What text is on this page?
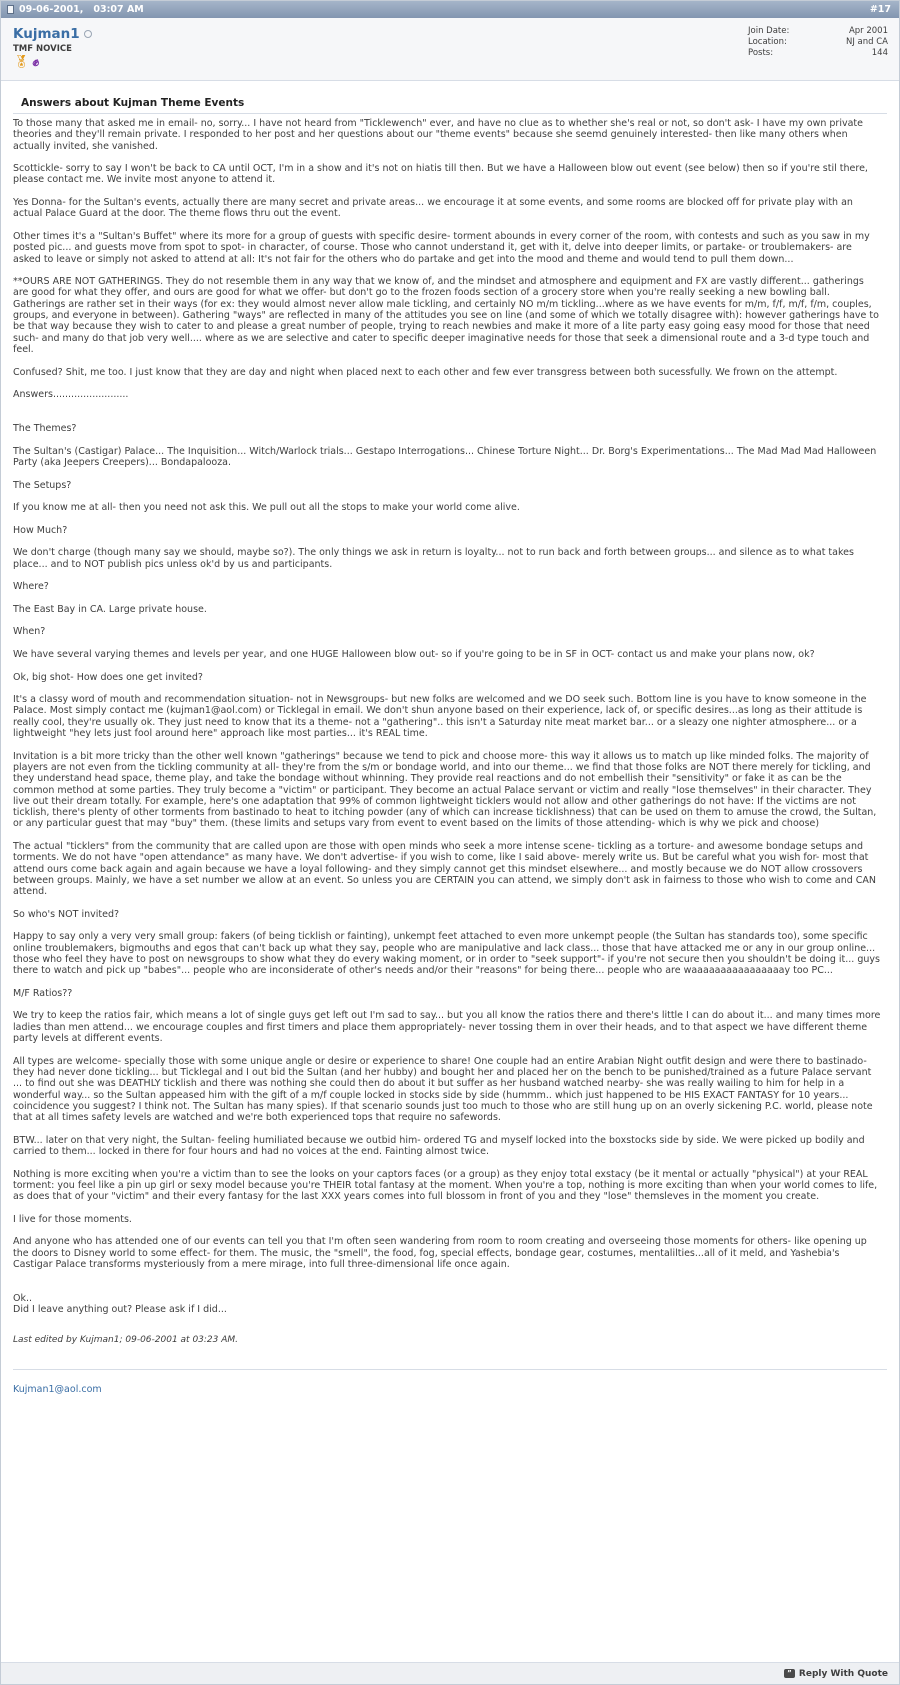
09-06-2001, 03:07 AM	#17
Kujman1
TMF NOVICE
🏅︎ ✊︎
Join Date:	Apr 2001
Location:	NJ and CA
Posts:	144
Answers about Kujman Theme Events

To those many that asked me in email- no, sorry... I have not heard from "Ticklewench" ever, and have no clue as to whether she's real or not, so don't ask- I have my own private theories and they'll remain private. I responded to her post and her questions about our "theme events" because she seemd genuinely interested- then like many others when actually invited, she vanished.

Scottickle- sorry to say I won't be back to CA until OCT, I'm in a show and it's not on hiatis till then. But we have a Halloween blow out event (see below) then so if you're stil there, please contact me. We invite most anyone to attend it.

Yes Donna- for the Sultan's events, actually there are many secret and private areas... we encourage it at some events, and some rooms are blocked off for private play with an actual Palace Guard at the door. The theme flows thru out the event.

Other times it's a "Sultan's Buffet" where its more for a group of guests with specific desire- torment abounds in every corner of the room, with contests and such as you saw in my posted pic... and guests move from spot to spot- in character, of course. Those who cannot understand it, get with it, delve into deeper limits, or partake- or troublemakers- are asked to leave or simply not asked to attend at all: It's not fair for the others who do partake and get into the mood and theme and would tend to pull them down...

**OURS ARE NOT GATHERINGS. They do not resemble them in any way that we know of, and the mindset and atmosphere and equipment and FX are vastly different... gatherings are good for what they offer, and ours are good for what we offer- but don't go to the frozen foods section of a grocery store when you're really seeking a new bowling ball. Gatherings are rather set in their ways (for ex: they would almost never allow male tickling, and certainly NO m/m tickling...where as we have events for m/m, f/f, m/f, f/m, couples, groups, and everyone in between). Gathering "ways" are reflected in many of the attitudes you see on line (and some of which we totally disagree with): however gatherings have to be that way because they wish to cater to and please a great number of people, trying to reach newbies and make it more of a lite party easy going easy mood for those that need such- and many do that job very well.... where as we are selective and cater to specific deeper imaginative needs for those that seek a dimensional route and a 3-d type touch and feel.

Confused? Shit, me too. I just know that they are day and night when placed next to each other and few ever transgress between both sucessfully. We frown on the attempt.

Answers.........................

The Themes?

The Sultan's (Castigar) Palace... The Inquisition... Witch/Warlock trials... Gestapo Interrogations... Chinese Torture Night... Dr. Borg's Experimentations... The Mad Mad Mad Halloween Party (aka Jeepers Creepers)... Bondapalooza.

The Setups?

If you know me at all- then you need not ask this. We pull out all the stops to make your world come alive.

How Much?

We don't charge (though many say we should, maybe so?). The only things we ask in return is loyalty... not to run back and forth between groups... and silence as to what takes place... and to NOT publish pics unless ok'd by us and participants.

Where?

The East Bay in CA. Large private house.

When?

We have several varying themes and levels per year, and one HUGE Halloween blow out- so if you're going to be in SF in OCT- contact us and make your plans now, ok?

Ok, big shot- How does one get invited?

It's a classy word of mouth and recommendation situation- not in Newsgroups- but new folks are welcomed and we DO seek such. Bottom line is you have to know someone in the Palace. Most simply contact me (kujman1@aol.com) or Ticklegal in email. We don't shun anyone based on their experience, lack of, or specific desires...as long as their attitude is really cool, they're usually ok. They just need to know that its a theme- not a "gathering".. this isn't a Saturday nite meat market bar... or a sleazy one nighter atmosphere... or a lightweight "hey lets just fool around here" approach like most parties... it's REAL time.

Invitation is a bit more tricky than the other well known "gatherings" because we tend to pick and choose more- this way it allows us to match up like minded folks. The majority of players are not even from the tickling community at all- they're from the s/m or bondage world, and into our theme... we find that those folks are NOT there merely for tickling, and they understand head space, theme play, and take the bondage without whinning. They provide real reactions and do not embellish their "sensitivity" or fake it as can be the common method at some parties. They truly become a "victim" or participant. They become an actual Palace servant or victim and really "lose themselves" in their character. They live out their dream totally. For example, here's one adaptation that 99% of common lightweight ticklers would not allow and other gatherings do not have: If the victims are not ticklish, there's plenty of other torments from bastinado to heat to itching powder (any of which can increase ticklishness) that can be used on them to amuse the crowd, the Sultan, or any particular guest that may "buy" them. (these limits and setups vary from event to event based on the limits of those attending- which is why we pick and choose)

The actual "ticklers" from the community that are called upon are those with open minds who seek a more intense scene- tickling as a torture- and awesome bondage setups and torments. We do not have "open attendance" as many have. We don't advertise- if you wish to come, like I said above- merely write us. But be careful what you wish for- most that attend ours come back again and again because we have a loyal following- and they simply cannot get this mindset elsewhere... and mostly because we do NOT allow crossovers between groups. Mainly, we have a set number we allow at an event. So unless you are CERTAIN you can attend, we simply don't ask in fairness to those who wish to come and CAN attend.

So who's NOT invited?

Happy to say only a very very small group: fakers (of being ticklish or fainting), unkempt feet attached to even more unkempt people (the Sultan has standards too), some specific online troublemakers, bigmouths and egos that can't back up what they say, people who are manipulative and lack class... those that have attacked me or any in our group online... those who feel they have to post on newsgroups to show what they do every waking moment, or in order to "seek support"- if you're not secure then you shouldn't be doing it... guys there to watch and pick up "babes"... people who are inconsiderate of other's needs and/or their "reasons" for being there... people who are waaaaaaaaaaaaaaaay too PC...

M/F Ratios??

We try to keep the ratios fair, which means a lot of single guys get left out I'm sad to say... but you all know the ratios there and there's little I can do about it... and many times more ladies than men attend... we encourage couples and first timers and place them appropriately- never tossing them in over their heads, and to that aspect we have different theme party levels at different events.

All types are welcome- specially those with some unique angle or desire or experience to share! One couple had an entire Arabian Night outfit design and were there to bastinado- they had never done tickling... but Ticklegal and I out bid the Sultan (and her hubby) and bought her and placed her on the bench to be punished/trained as a future Palace servant ... to find out she was DEATHLY ticklish and there was nothing she could then do about it but suffer as her husband watched nearby- she was really wailing to him for help in a wonderful way... so the Sultan appeased him with the gift of a m/f couple locked in stocks side by side (hummm.. which just happened to be HIS EXACT FANTASY for 10 years... coincidence you suggest? I think not. The Sultan has many spies). If that scenario sounds just too much to those who are still hung up on an overly sickening P.C. world, please note that at all times safety levels are watched and we're both experienced tops that require no safewords.

BTW... later on that very night, the Sultan- feeling humiliated because we outbid him- ordered TG and myself locked into the boxstocks side by side. We were picked up bodily and carried to them... locked in there for four hours and had no voices at the end. Fainting almost twice.

Nothing is more exciting when you're a victim than to see the looks on your captors faces (or a group) as they enjoy total exstacy (be it mental or actually "physical") at your REAL torment: you feel like a pin up girl or sexy model because you're THEIR total fantasy at the moment. When you're a top, nothing is more exciting than when your world comes to life, as does that of your "victim" and their every fantasy for the last XXX years comes into full blossom in front of you and they "lose" themsleves in the moment you create.

I live for those moments.

And anyone who has attended one of our events can tell you that I'm often seen wandering from room to room creating and overseeing those moments for others- like opening up the doors to Disney world to some effect- for them. The music, the "smell", the food, fog, special effects, bondage gear, costumes, mentalilties...all of it meld, and Yashebia's Castigar Palace transforms mysteriously from a mere mirage, into full three-dimensional life once again.

Ok..

Did I leave anything out? Please ask if I did...

Last edited by Kujman1; 09-06-2001 at 03:23 AM.
Kujman1@aol.com
” Reply With Quote
